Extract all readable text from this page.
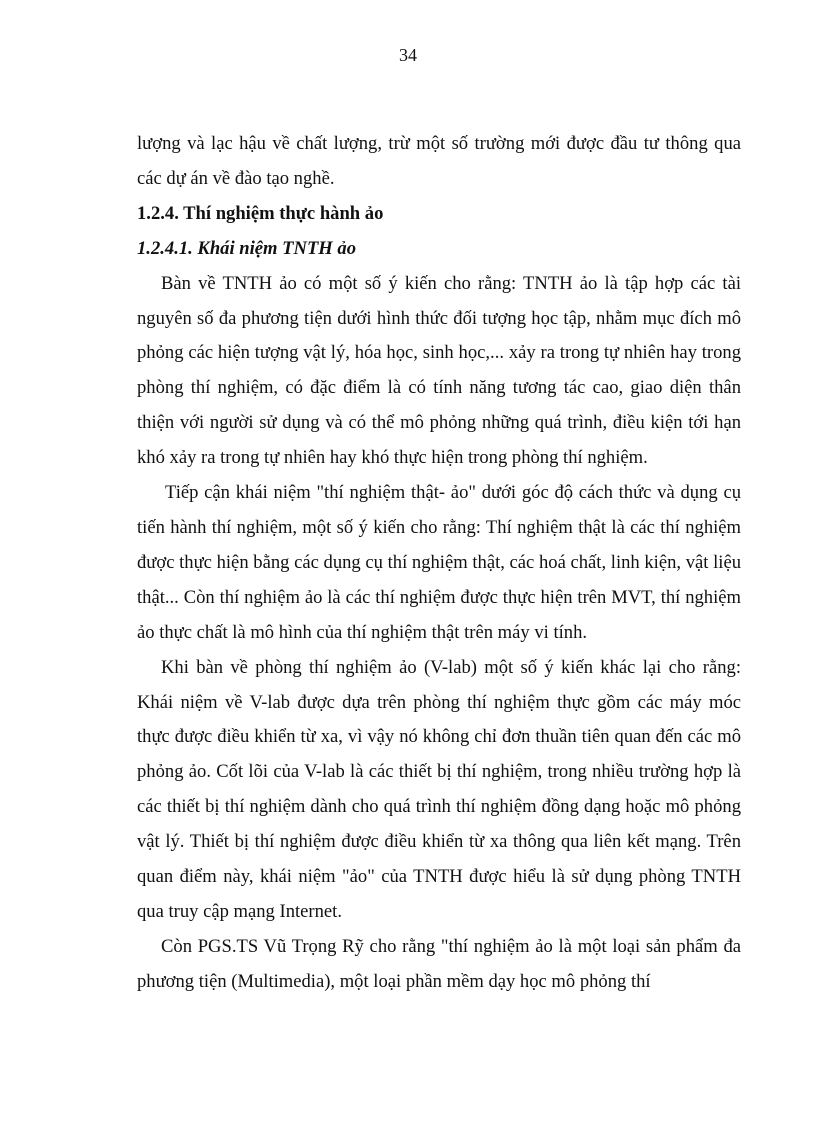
34

lượng và lạc hậu về chất lượng, trừ một số trường mới được đầu tư thông qua các dự án về đào tạo nghề.

1.2.4. Thí nghiệm thực hành ảo

1.2.4.1. Khái niệm TNTH ảo

Bàn về TNTH ảo có một số ý kiến cho rằng: TNTH ảo là tập hợp các tài nguyên số đa phương tiện dưới hình thức đối tượng học tập, nhằm mục đích mô phỏng các hiện tượng vật lý, hóa học, sinh học,... xảy ra trong tự nhiên hay trong phòng thí nghiệm, có đặc điểm là có tính năng tương tác cao, giao diện thân thiện với người sử dụng và có thể mô phỏng những quá trình, điều kiện tới hạn khó xảy ra trong tự nhiên hay khó thực hiện trong phòng thí nghiệm.

Tiếp cận khái niệm "thí nghiệm thật- ảo" dưới góc độ cách thức và dụng cụ tiến hành thí nghiệm, một số ý kiến cho rằng: Thí nghiệm thật là các thí nghiệm được thực hiện bằng các dụng cụ thí nghiệm thật, các hoá chất, linh kiện, vật liệu thật... Còn thí nghiệm ảo là các thí nghiệm được thực hiện trên MVT, thí nghiệm ảo thực chất là mô hình của thí nghiệm thật trên máy vi tính.

Khi bàn về phòng thí nghiệm ảo (V-lab) một số ý kiến khác lại cho rằng: Khái niệm về V-lab được dựa trên phòng thí nghiệm thực gồm các máy móc thực được điều khiển từ xa, vì vậy nó không chỉ đơn thuần tiên quan đến các mô phỏng ảo. Cốt lõi của V-lab là các thiết bị thí nghiệm, trong nhiều trường hợp là các thiết bị thí nghiệm dành cho quá trình thí nghiệm đồng dạng hoặc mô phỏng vật lý. Thiết bị thí nghiệm được điều khiển từ xa thông qua liên kết mạng. Trên quan điểm này, khái niệm "ảo" của TNTH được hiểu là sử dụng phòng TNTH qua truy cập mạng Internet.

Còn PGS.TS Vũ Trọng Rỹ cho rằng "thí nghiệm ảo là một loại sản phẩm đa phương tiện (Multimedia), một loại phần mềm dạy học mô phỏng thí
